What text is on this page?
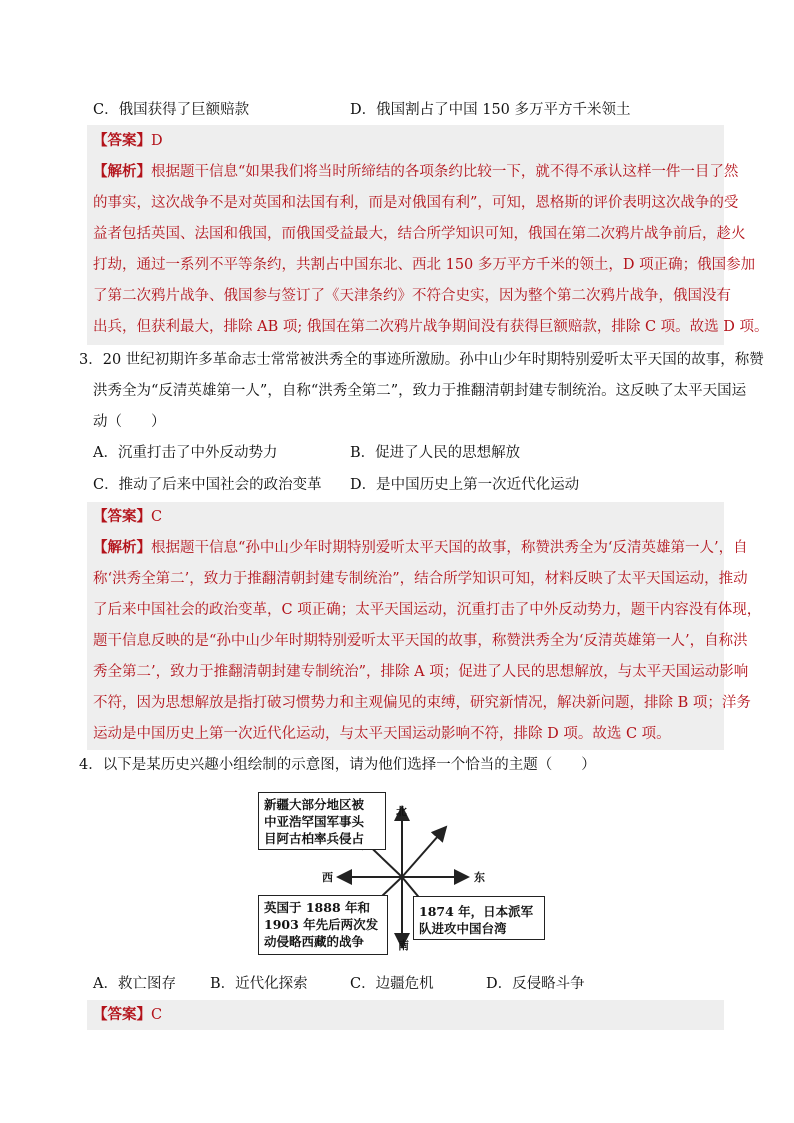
C．俄国获得了巨额赔款	D．俄国割占了中国 150 多万平方千米领土
【答案】D
【解析】根据题干信息“如果我们将当时所缔结的各项条约比较一下，就不得不承认这样一件一目了然
的事实，这次战争不是对英国和法国有利，而是对俄国有利”，可知，恩格斯的评价表明这次战争的受
益者包括英国、法国和俄国，而俄国受益最大，结合所学知识可知，俄国在第二次鸦片战争前后，趁火
打劫，通过一系列不平等条约，共割占中国东北、西北 150 多万平方千米的领土，D 项正确；俄国参加
了第二次鸦片战争、俄国参与签订了《天津条约》不符合史实，因为整个第二次鸦片战争，俄国没有
出兵，但获利最大，排除 AB 项; 俄国在第二次鸦片战争期间没有获得巨额赔款，排除 C 项。故选 D 项。
3．20 世纪初期许多革命志士常常被洪秀全的事迹所激励。孙中山少年时期特别爱听太平天国的故事，称赞
洪秀全为“反清英雄第一人”，自称“洪秀全第二”，致力于推翻清朝封建专制统治。这反映了太平天国运
动（　　）
A．沉重打击了中外反动势力	B．促进了人民的思想解放
C．推动了后来中国社会的政治变革 D．是中国历史上第一次近代化运动
【答案】C
【解析】根据题干信息“孙中山少年时期特别爱听太平天国的故事，称赞洪秀全为‘反清英雄第一人’，自
称‘洪秀全第二’，致力于推翻清朝封建专制统治”，结合所学知识可知，材料反映了太平天国运动，推动
了后来中国社会的政治变革，C 项正确；太平天国运动，沉重打击了中外反动势力，题干内容没有体现，
题干信息反映的是“孙中山少年时期特别爱听太平天国的故事，称赞洪秀全为‘反清英雄第一人’，自称洪
秀全第二’，致力于推翻清朝封建专制统治”，排除 A 项；促进了人民的思想解放，与太平天国运动影响
不符，因为思想解放是指打破习惯势力和主观偏见的束缚，研究新情况，解决新问题，排除 B 项；洋务
运动是中国历史上第一次近代化运动，与太平天国运动影响不符，排除 D 项。故选 C 项。
4．以下是某历史兴趣小组绘制的示意图，请为他们选择一个恰当的主题（　　）
北
南
西	东
新疆大部分地区被
中亚浩罕国军事头
目阿古柏率兵侵占
英国于 1888 年和
1903 年先后两次发
动侵略西藏的战争
1874 年，日本派军
队进攻中国台湾
A．救亡图存 B．近代化探索	C．边疆危机	D．反侵略斗争
【答案】C
